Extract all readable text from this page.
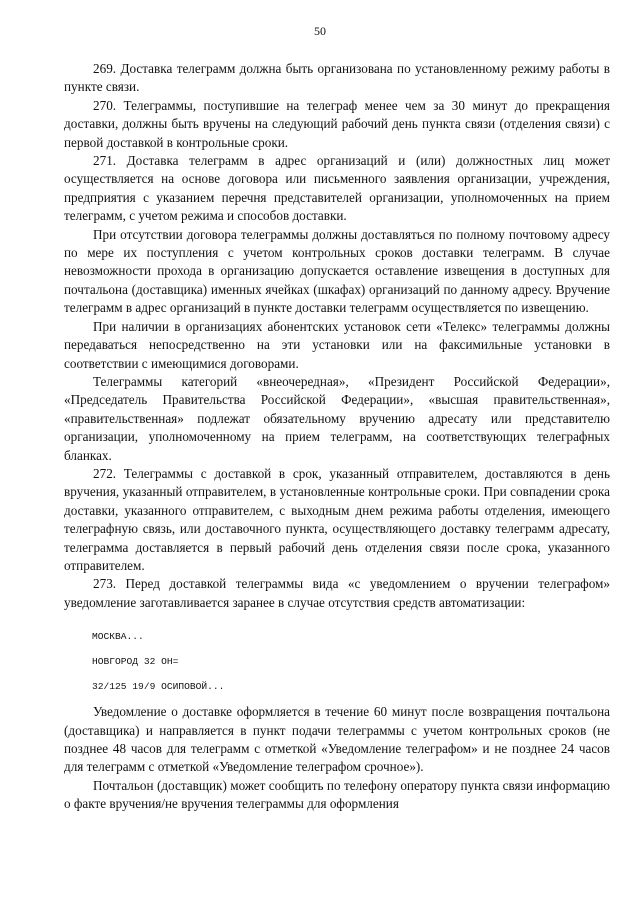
50

269. Доставка телеграмм должна быть организована по установленному режиму работы в пункте связи.

270. Телеграммы, поступившие на телеграф менее чем за 30 минут до прекращения доставки, должны быть вручены на следующий рабочий день пункта связи (отделения связи) с первой доставкой в контрольные сроки.

271. Доставка телеграмм в адрес организаций и (или) должностных лиц может осуществляется на основе договора или письменного заявления организации, учреждения, предприятия с указанием перечня представителей организации, уполномоченных на прием телеграмм, с учетом режима и способов доставки.

При отсутствии договора телеграммы должны доставляться по полному почтовому адресу по мере их поступления с учетом контрольных сроков доставки телеграмм. В случае невозможности прохода в организацию допускается оставление извещения в доступных для почтальона (доставщика) именных ячейках (шкафах) организаций по данному адресу. Вручение телеграмм в адрес организаций в пункте доставки телеграмм осуществляется по извещению.

При наличии в организациях абонентских установок сети «Телекс» телеграммы должны передаваться непосредственно на эти установки или на факсимильные установки в соответствии с имеющимися договорами.

Телеграммы категорий «внеочередная», «Президент Российской Федерации», «Председатель Правительства Российской Федерации», «высшая правительственная», «правительственная» подлежат обязательному вручению адресату или представителю организации, уполномоченному на прием телеграмм, на соответствующих телеграфных бланках.

272. Телеграммы с доставкой в срок, указанный отправителем, доставляются в день вручения, указанный отправителем, в установленные контрольные сроки. При совпадении срока доставки, указанного отправителем, с выходным днем режима работы отделения, имеющего телеграфную связь, или доставочного пункта, осуществляющего доставку телеграмм адресату, телеграмма доставляется в первый рабочий день отделения связи после срока, указанного отправителем.

273. Перед доставкой телеграммы вида «с уведомлением о вручении телеграфом» уведомление заготавливается заранее в случае отсутствия средств автоматизации:

МОСКВА...
НОВГОРОД 32 ОН=
32/125 19/9 ОСИПОВОЙ...

Уведомление о доставке оформляется в течение 60 минут после возвращения почтальона (доставщика) и направляется в пункт подачи телеграммы с учетом контрольных сроков (не позднее 48 часов для телеграмм с отметкой «Уведомление телеграфом» и не позднее 24 часов для телеграмм с отметкой «Уведомление телеграфом срочное»).

Почтальон (доставщик) может сообщить по телефону оператору пункта связи информацию о факте вручения/не вручения телеграммы для оформления
